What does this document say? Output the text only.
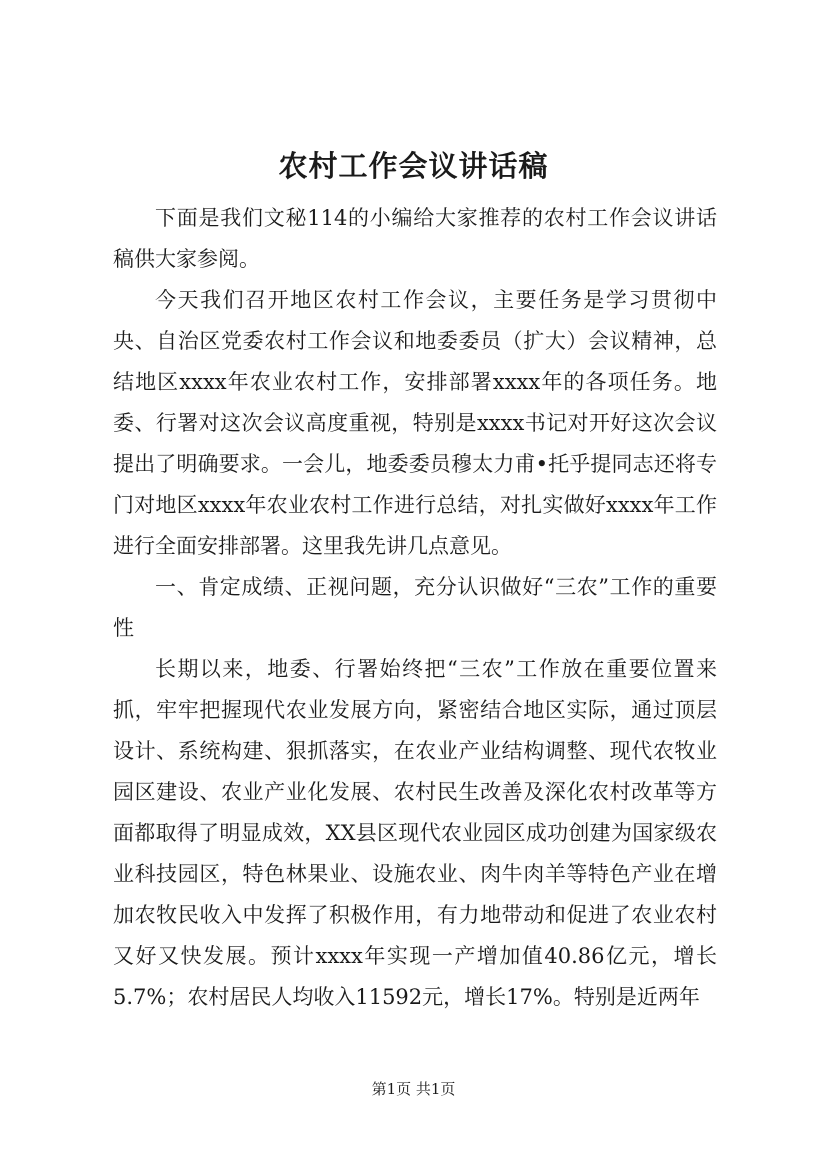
农村工作会议讲话稿

下面是我们文秘114的小编给大家推荐的农村工作会议讲话稿供大家参阅。

今天我们召开地区农村工作会议，主要任务是学习贯彻中央、自治区党委农村工作会议和地委委员（扩大）会议精神，总结地区xxxx年农业农村工作，安排部署xxxx年的各项任务。地委、行署对这次会议高度重视，特别是xxxx书记对开好这次会议提出了明确要求。一会儿，地委委员穆太力甫•托乎提同志还将专门对地区xxxx年农业农村工作进行总结，对扎实做好xxxx年工作进行全面安排部署。这里我先讲几点意见。

一、肯定成绩、正视问题，充分认识做好“三农”工作的重要性

长期以来，地委、行署始终把“三农”工作放在重要位置来抓，牢牢把握现代农业发展方向，紧密结合地区实际，通过顶层设计、系统构建、狠抓落实，在农业产业结构调整、现代农牧业园区建设、农业产业化发展、农村民生改善及深化农村改革等方面都取得了明显成效，XX县区现代农业园区成功创建为国家级农业科技园区，特色林果业、设施农业、肉牛肉羊等特色产业在增加农牧民收入中发挥了积极作用，有力地带动和促进了农业农村又好又快发展。预计xxxx年实现一产增加值40.86亿元，增长5.7%；农村居民人均收入11592元，增长17%。特别是近两年

第1页 共1页
